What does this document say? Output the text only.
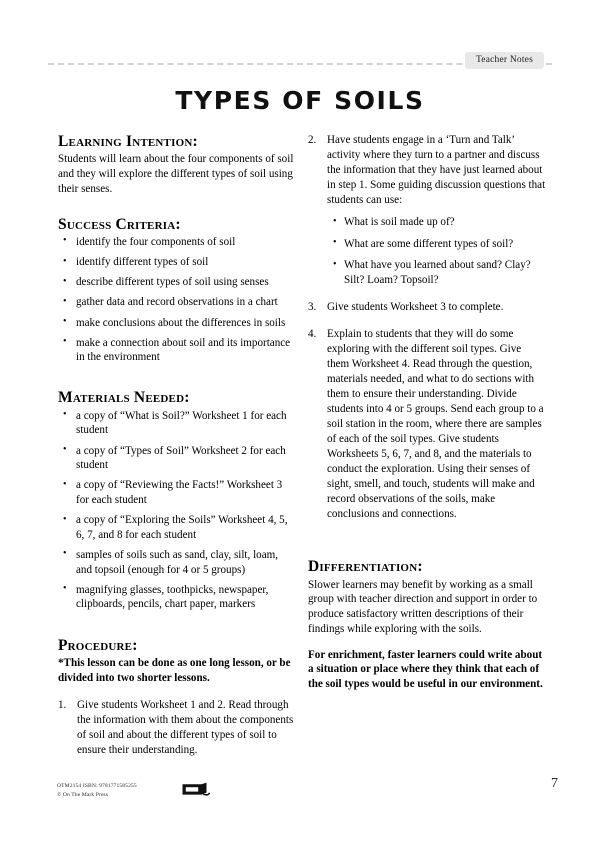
Teacher Notes
TYPES OF SOILS
Learning Intention:

Students will learn about the four components of soil and they will explore the different types of soil using their senses.

Success Criteria:
• identify the four components of soil
• identify different types of soil
• describe different types of soil using senses
• gather data and record observations in a chart
• make conclusions about the differences in soils
• make a connection about soil and its importance in the environment
Materials Needed:
• a copy of “What is Soil?” Worksheet 1 for each student
• a copy of “Types of Soil” Worksheet 2 for each student
• a copy of “Reviewing the Facts!” Worksheet 3 for each student
• a copy of “Exploring the Soils” Worksheet 4, 5, 6, 7, and 8 for each student
• samples of soils such as sand, clay, silt, loam, and topsoil (enough for 4 or 5 groups)
• magnifying glasses, toothpicks, newspaper, clipboards, pencils, chart paper, markers
Procedure:

*This lesson can be done as one long lesson, or be divided into two shorter lessons.

1. Give students Worksheet 1 and 2. Read through the information with them about the components of soil and about the different types of soil to ensure their understanding.
2. Have students engage in a ‘Turn and Talk’ activity where they turn to a partner and discuss the information that they have just learned about in step 1. Some guiding discussion questions that students can use:
• What is soil made up of?
• What are some different types of soil?
• What have you learned about sand? Clay? Silt? Loam? Topsoil?
3. Give students Worksheet 3 to complete.
4. Explain to students that they will do some exploring with the different soil types. Give them Worksheet 4. Read through the question, materials needed, and what to do sections with them to ensure their understanding. Divide students into 4 or 5 groups. Send each group to a soil station in the room, where there are samples of each of the soil types. Give students Worksheets 5, 6, 7, and 8, and the materials to conduct the exploration. Using their senses of sight, smell, and touch, students will make and record observations of the soils, make conclusions and connections.
Differentiation:

Slower learners may benefit by working as a small group with teacher direction and support in order to produce satisfactory written descriptions of their findings while exploring with the soils.

For enrichment, faster learners could write about a situation or place where they think that each of the soil types would be useful in our environment.

OTM2154 ISBN: 9781771585255
© On The Mark Press
7
